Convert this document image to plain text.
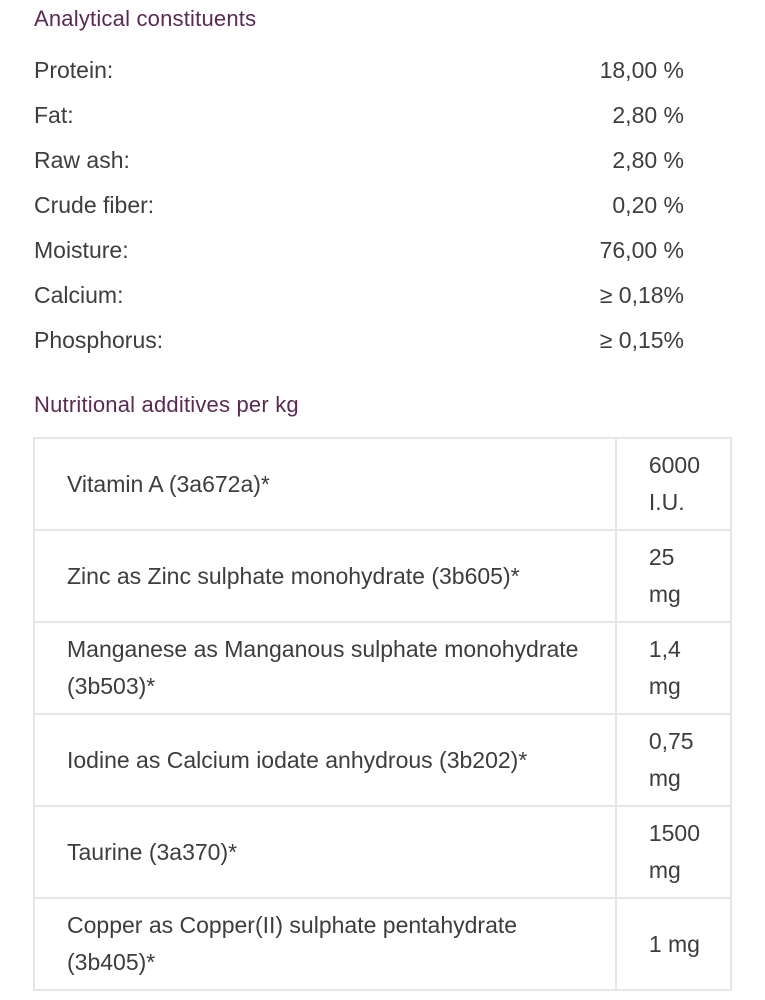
Analytical constituents
Protein:	18,00 %
Fat:	2,80 %
Raw ash:	2,80 %
Crude fiber:	0,20 %
Moisture:	76,00 %
Calcium:	≥ 0,18%
Phosphorus:	≥ 0,15%
Nutritional additives per kg
Vitamin A (3a672a)*	6000 I.U.
Zinc as Zinc sulphate monohydrate (3b605)*	25 mg
Manganese as Manganous sulphate monohydrate (3b503)*	1,4 mg
Iodine as Calcium iodate anhydrous (3b202)*	0,75 mg
Taurine (3a370)*	1500 mg
Copper as Copper(II) sulphate pentahydrate (3b405)*	1 mg
